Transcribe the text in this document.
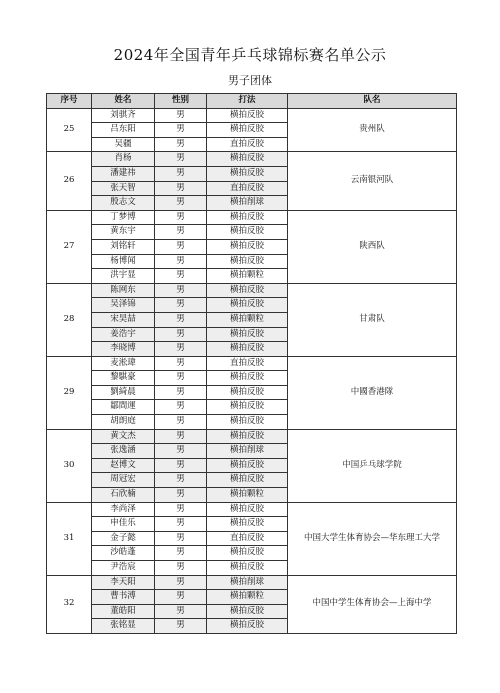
2024年全国青年乒乓球锦标赛名单公示
男子团体
序号	姓名	性别	打法	队名
25	刘骐齐	男	横拍反胶	贵州队
	吕东阳	男	横拍反胶	
	吴疆	男	直拍反胶	
26	肖杨	男	横拍反胶	云南银河队
	潘建祎	男	横拍反胶	
	张天智	男	直拍反胶	
	殷志文	男	横拍削球	
27	丁梦博	男	横拍反胶	陕西队
	黄东宇	男	横拍反胶	
	刘铭轩	男	横拍反胶	
	杨博闻	男	横拍反胶	
	洪宇显	男	横拍颗粒	
28	陈网东	男	横拍反胶	甘肃队
	吴泽锦	男	横拍反胶	
	宋昊喆	男	横拍颗粒	
	姜浩宇	男	横拍反胶	
	李晓博	男	横拍反胶	
29	麦淞瑋	男	直拍反胶	中國香港隊
	黎騏豪	男	横拍反胶	
	劉綺晨	男	横拍反胶	
	鄒間運	男	横拍反胶	
	胡朗庭	男	横拍反胶	
30	黄文杰	男	横拍反胶	中国乒乓球学院
	张逸涵	男	横拍削球	
	赵博文	男	横拍反胶	
	周冠宏	男	横拍反胶	
	石欣楠	男	横拍颗粒	
31	李尚泽	男	横拍反胶	中国大学生体育协会—华东理工大学
	申佳乐	男	横拍反胶	
	金子懿	男	直拍反胶	
	沙皓蓬	男	横拍反胶	
	尹浩宸	男	横拍反胶	
32	李天阳	男	横拍削球	中国中学生体育协会—上海中学
	曹书溥	男	横拍颗粒	
	董皓阳	男	横拍反胶	
	张铭显	男	横拍反胶	
